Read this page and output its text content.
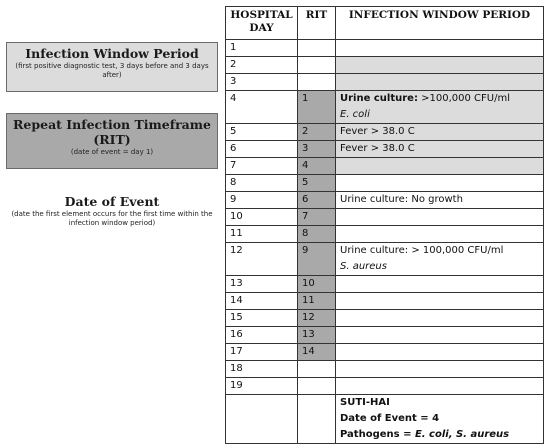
Infection Window Period
(first positive diagnostic test, 3 days before and 3 days after)
Repeat Infection Timeframe (RIT)
(date of event = day 1)
Date of Event
(date the first element occurs for the first time within the infection window period)
HOSPITAL DAY	RIT	INFECTION WINDOW PERIOD
1		
2		
3		
4	1	Urine culture: >100,000 CFU/ml
E. coli

5	2	Fever > 38.0 C
6	3	Fever > 38.0 C
7	4	
8	5	
9	6	Urine culture: No growth
10	7	
11	8	
12	9	Urine culture: > 100,000 CFU/ml
S. aureus

13	10	
14	11	
15	12	
16	13	
17	14	
18		
19		

		SUTI-HAI
Date of Event = 4
Pathogens = E. coli, S. aureus
